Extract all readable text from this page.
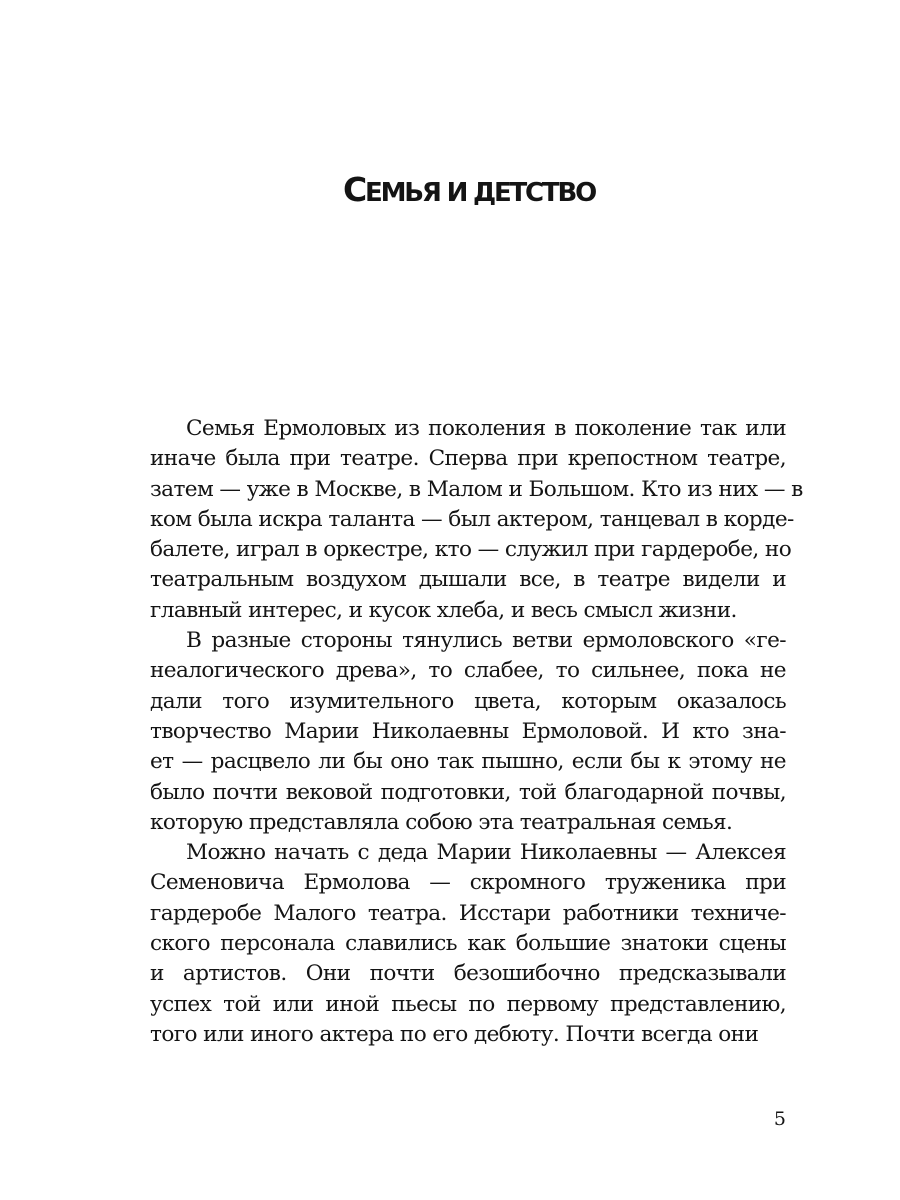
СЕМЬЯ И ДЕТСТВО
Семья Ермоловых из поколения в поколение так или
иначе была при театре. Сперва при крепостном театре,
затем — уже в Москве, в Малом и Большом. Кто из них — в
ком была искра таланта — был актером, танцевал в корде-
балете, играл в оркестре, кто — служил при гардеробе, но
театральным воздухом дышали все, в театре видели и
главный интерес, и кусок хлеба, и весь смысл жизни.
В разные стороны тянулись ветви ермоловского «ге-
неалогического древа», то слабее, то сильнее, пока не
дали того изумительного цвета, которым оказалось
творчество Марии Николаевны Ермоловой. И кто зна-
ет — расцвело ли бы оно так пышно, если бы к этому не
было почти вековой подготовки, той благодарной почвы,
которую представляла собою эта театральная семья.
Можно начать с деда Марии Николаевны — Алексея
Семеновича Ермолова — скромного труженика при
гардеробе Малого театра. Исстари работники техниче-
ского персонала славились как большие знатоки сцены
и артистов. Они почти безошибочно предсказывали
успех той или иной пьесы по первому представлению,
того или иного актера по его дебюту. Почти всегда они
5
